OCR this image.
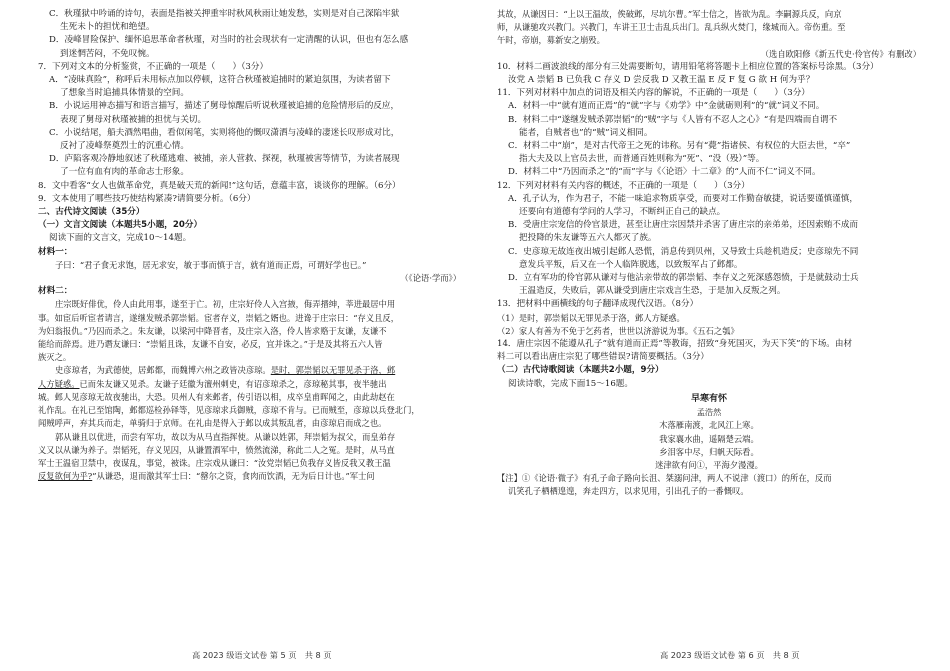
C．秋瑾狱中吟诵的诗句，表面是指被关押重牢时秋风秋雨让她发愁，实则是对自己深陷牢狱

生死未卜的担忧和绝望。

D．凌峰冒险保护、缅怀追思革命者秋瑾，对当时的社会现状有一定清醒的认识，但也有怎么感

到迷惘苦闷，不免叹惋。

7．下列对文本的分析鉴赏，不正确的一项是（　　）（3分）

A．“凌昧真险”，称呼后未用标点加以停顿，这符合秋瑾被追捕时的紧迫氛围，为读者留下

了想象当时追捕具体情景的空间。

B．小说运用神态描写和语言描写，描述了舅母惊醒后听说秋瑾被追捕的危险情形后的反应，

表现了舅母对秋瑾被捕的担忧与关切。

C．小说结尾，船夫酒然唱曲，看似闲笔，实则将他的慨叹潇洒与凌峰的凄迷长叹形成对比，

反衬了凌峰祭奠烈士的沉重心情。

D．庐陷客观冷静地叙述了秋瑾逃难、被捕，亲人营救、探视，秋瑾被害等情节，为读者展现

了一位有血有肉的革命志士形象。

8．文中看客“女人也做革命党，真是破天荒的新闻!”这句话，意蕴丰富，谈谈你的理解。（6分）

9．文本使用了哪些技巧使结构紧凑?请简要分析。（6分）

二、古代诗文阅读（35分）

（一）文言文阅读（本题共5小题，20分）

阅读下面的文言文，完成10～14题。

材料一：

子曰：“君子食无求饱，居无求安，敏于事而慎于言，就有道而正焉，可谓好学也已。”

（《论语·学而》）

材料二：

庄宗既好俳优，伶人由此用事，遂至于亡。初，庄宗好伶人入宫掖，侮弄搢绅，莘进最居中用

事。如宦后听宦者请言，遂继发贼杀郭崇韬。宦者存义，崇韬之婿也。进谗于庄宗曰：“存义且反，

为妇翁报仇。”乃囚而杀之。朱友谦，以梁河中降晋者，及庄宗入洛，伶人皆求赂于友谦，友谦不

能给而辞焉。进乃谮友谦曰：“崇韬且诛，友谦不自安，必反，宜并诛之。”于是及其将五六人皆

族灭之。

史彦琼者，为武德使，居邺都，而魏博六州之政皆决彦琼。是时，郭崇韬以无罪见杀于洛，邺

人方疑惑。已而朱友谦又见杀。友谦子廷徽为澶州刺史，有诏彦琼杀之，彦琼秘其事，夜半驰出

城。邺人见彦琼无故夜驰出，大恐。贝州人有来邺者，传引语以相，戍卒皇甫晖闻之，由此劫赵在

礼作乱。在礼已至馆陶，邺都巡检孙铎等，见彦琼求兵御贼，彦琼不肯与。已而贼至，彦琼以兵登北门，

闻贼呼声，弃其兵而走，单骑归于京师。在礼由是得入于邺以成其叛乱者，由彦琼启而成之也。

郭从谦且以优进，而尝有军功，故以为从马直指挥使。从谦以姓郭，拜崇韬为叔父，而皇弟存

义又以从谦为养子。崇韬死，存义见囚，从谦置酒军中，愤然流涕，称此二人之冤。是时，从马直

军士王温宿卫禁中，夜谋乱，事觉，被诛。庄宗戏从谦曰：“汝党崇韬已负我存义皆反我又教王温

反复欲何为乎?”从谦恐，退而激其军士曰：“罄尔之资，食肉而饮酒，无为后日计也。”军士问

其故，从谦因曰：“上以王温故，俟破邺，尽坑尔曹。”军士信之，皆欲为乱。李嗣源兵反，向京

师，从谦驰攻兴教门。兴教门，车讲王卫士击乱兵出门。乱兵纵火焚门，缘城而入。帝伤重。至

午时，帝崩，募新安之崩殁。

（选自欧阳修《新五代史·伶官传》有删改）

10．材料二画波浪线的部分有三处需要断句，请用铅笔将答题卡上相应位置的答案标号涂黑。（3分）

汝党 A 崇韬 B 已负我 C 存义 D 尝反我 D 又教王温 E 反 F 复 G 欲 H 何为乎？

11．下列对材料中加点的词语及相关内容的解说，不正确的一项是（　　）（3分）

A．材料一中“就有道而正焉”的“就”字与《劝学》中“金就砺则利”的“就”词义不同。

B．材料二中“遂继发贼杀郭崇韬”的“贼”字与《人皆有不忍人之心》“有是四端而自谓不

能者，自贼者也”的“贼”词义相同。

C．材料二中“崩”，是对古代帝王之死的讳称。另有“薨”指诸侯、有权位的大臣去世，“卒”

指大夫及以上官员去世，而普通百姓则称为“死”、“没（殁）”等。

D．材料二中“乃因而杀之”的“而”字与《〈论语〉十二章》的“人而不仁”词义不同。

12．下列对材料有关内容的概述，不正确的一项是（　　）（3分）

A．孔子认为，作为君子，不能一味追求物质享受，而要对工作勤奋敏捷，说话要谨慎谨慎，

还要向有道德有学问的人学习，不断纠正自己的缺点。

B．受唐庄宗宠信的伶官景进，甚至让唐庄宗因禁并杀害了唐庄宗的亲弟弟，还因索贿不成而

把投降的朱友谦等五六人都灭了族。

C．史彦琼无故连夜出城引起邺人恐慌，消息传到贝州，又导致士兵趁机造反；史彦琼先不同

意发兵平叛，后又在一个人临阵脱逃，以致叛军占了邺都。

D．立有军功的伶官郭从谦对与他沾亲带故的郭崇韬、李存义之死深感怨愤，于是就鼓动士兵

王温造反，失败后，郭从谦受到唐庄宗戏言生恐，于是加入反叛之列。

13．把材料中画横线的句子翻译成现代汉语。（8分）

（1）是时，郭崇韬以无罪见杀于洛，邺人方疑惑。

（2）家人有善为不免于乞药者，世世以济游说为事。《五石之瓠》

14．唐庄宗因不能遵从孔子“就有道而正焉”等教诲，招致“身死国灭，为天下笑”的下场。由材

料二可以看出唐庄宗犯了哪些错误?请简要概括。（3分）

（二）古代诗歌阅读（本题共2小题，9分）

阅读诗歌，完成下面15～16题。

早寒有怀

孟浩然

木落雁南渡，北风江上寒。

我家襄水曲，遥隔楚云端。

乡泪客中尽，归帆天际看。

迷津欲有问①，平海夕漫漫。

【注】①《论语·微子》有孔子命子路向长沮、桀溺问津，两人不说津（渡口）的所在，反而

讥笑孔子栖栖遑遑，奔走四方，以求见用，引出孔子的一番慨叹。

高 2023 级语文试卷 第 5 页　共 8 页	高 2023 级语文试卷 第 6 页　共 8 页
